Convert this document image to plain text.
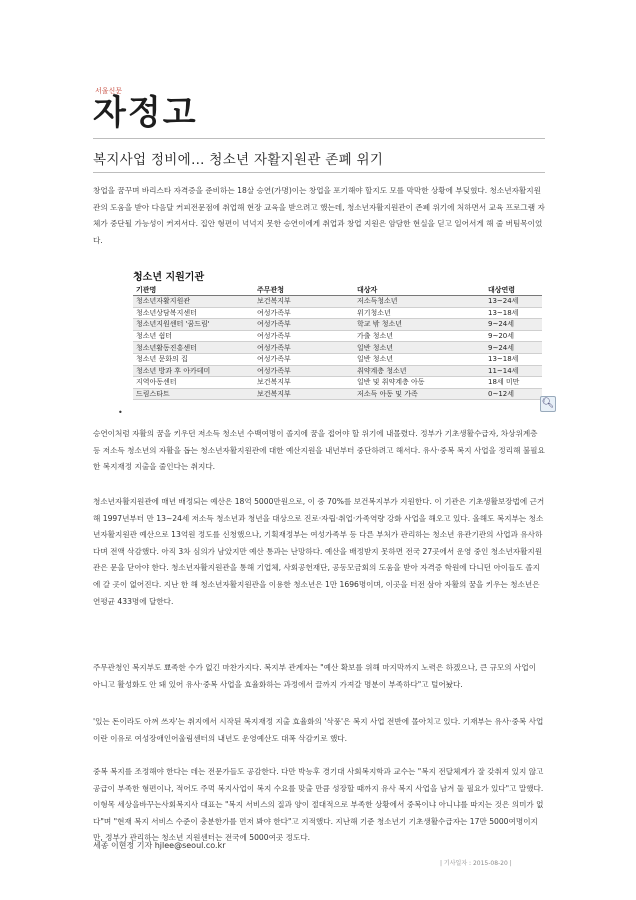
서울신문
자정고
복지사업 정비에… 청소년 자활지원관 존폐 위기
창업을 꿈꾸며 바리스타 자격증을 준비하는 18살 승연(가명)이는 창업을 포기해야 할지도 모를 막막한 상황에 부딪혔다. 청소년자활지원관의 도움을 받아 다음달 커피전문점에 취업해 현장 교육을 받으려고 했는데, 청소년자활지원관이 존폐 위기에 처하면서 교육 프로그램 자체가 중단될 가능성이 커져서다. 집안 형편이 넉넉지 못한 승연이에게 취업과 창업 지원은 암담한 현실을 딛고 일어서게 해 줄 버팀목이었다.
청소년 지원기관
기관명	주무관청	대상자	대상연령
청소년자활지원관	보건복지부	저소득청소년	13~24세
청소년상담복지센터	여성가족부	위기청소년	13~18세
청소년지원센터 '꿈드림'	여성가족부	학교 밖 청소년	9~24세
청소년 쉼터	여성가족부	가출 청소년	9~20세
청소년활동진흥센터	여성가족부	일반 청소년	9~24세
청소년 문화의 집	여성가족부	일반 청소년	13~18세
청소년 방과 후 아카데미	여성가족부	취약계층 청소년	11~14세
지역아동센터	보건복지부	일반 및 취약계층 아동	18세 미만
드림스타트	보건복지부	저소득 아동 및 가족	0~12세
🔍︎
•
승연이처럼 자활의 꿈을 키우던 저소득 청소년 수백여명이 졸지에 꿈을 접어야 할 위기에 내몰렸다. 정부가 기초생활수급자, 차상위계층 등 저소득 청소년의 자활을 돕는 청소년자활지원관에 대한 예산지원을 내년부터 중단하려고 해서다. 유사·중복 복지 사업을 정리해 불필요한 복지재정 지출을 줄인다는 취지다.
청소년자활지원관에 매년 배정되는 예산은 18억 5000만원으로, 이 중 70%를 보건복지부가 지원한다. 이 기관은 기초생활보장법에 근거해 1997년부터 만 13~24세 저소득 청소년과 청년을 대상으로 진로·자립·취업·가족역량 강화 사업을 해오고 있다. 올해도 복지부는 청소년자활지원관 예산으로 13억원 정도를 신청했으나, 기획재정부는 여성가족부 등 다른 부처가 관리하는 청소년 유관기관의 사업과 유사하다며 전액 삭감했다. 아직 3차 심의가 남았지만 예산 통과는 난망하다. 예산을 배정받지 못하면 전국 27곳에서 운영 중인 청소년자활지원관은 문을 닫아야 한다. 청소년자활지원관을 통해 기업체, 사회공헌재단, 공동모금회의 도움을 받아 자격증 학원에 다니던 아이들도 졸지에 갈 곳이 없어진다. 지난 한 해 청소년자활지원관을 이용한 청소년은 1만 1696명이며, 이곳을 터전 삼아 자활의 꿈을 키우는 청소년은 연평균 433명에 달한다.
주무관청인 복지부도 뾰족한 수가 없긴 마찬가지다. 복지부 관계자는 "예산 확보를 위해 마지막까지 노력은 하겠으나, 큰 규모의 사업이 아니고 활성화도 안 돼 있어 유사·중복 사업을 효율화하는 과정에서 끌까지 가져갈 명분이 부족하다"고 털어놨다.
'있는 돈이라도 아껴 쓰자'는 취지에서 시작된 복지재정 지출 효율화의 '삭풍'은 복지 사업 전반에 몰아치고 있다. 기재부는 유사·중복 사업이란 이유로 여성장애인어울림센터의 내년도 운영예산도 대폭 삭감키로 했다.
중복 복지를 조정해야 한다는 데는 전문가들도 공감한다. 다만 박능후 경기대 사회복지학과 교수는 "복지 전달체계가 잘 갖춰져 있지 않고 공급이 부족한 형편이나, 적어도 주먹 복지사업이 복지 수요를 맞출 만큼 성장할 때까지 유사 복지 사업을 남겨 둘 필요가 있다"고 말했다. 이형목 세상을바꾸는사회복지사 대표는 "복지 서비스의 질과 양이 절대적으로 부족한 상황에서 중복이냐 아니냐를 따지는 것은 의미가 없다"며 "현재 복지 서비스 수준이 충분한가를 먼저 봐야 한다"고 지적했다. 지난해 기준 청소년기 기초생활수급자는 17만 5000여명이지만, 정부가 관리하는 청소년 지원센터는 전국에 5000여곳 정도다.
세종 이현정 기자 hjlee@seoul.co.kr
| 기사일자 : 2015-08-20 |
